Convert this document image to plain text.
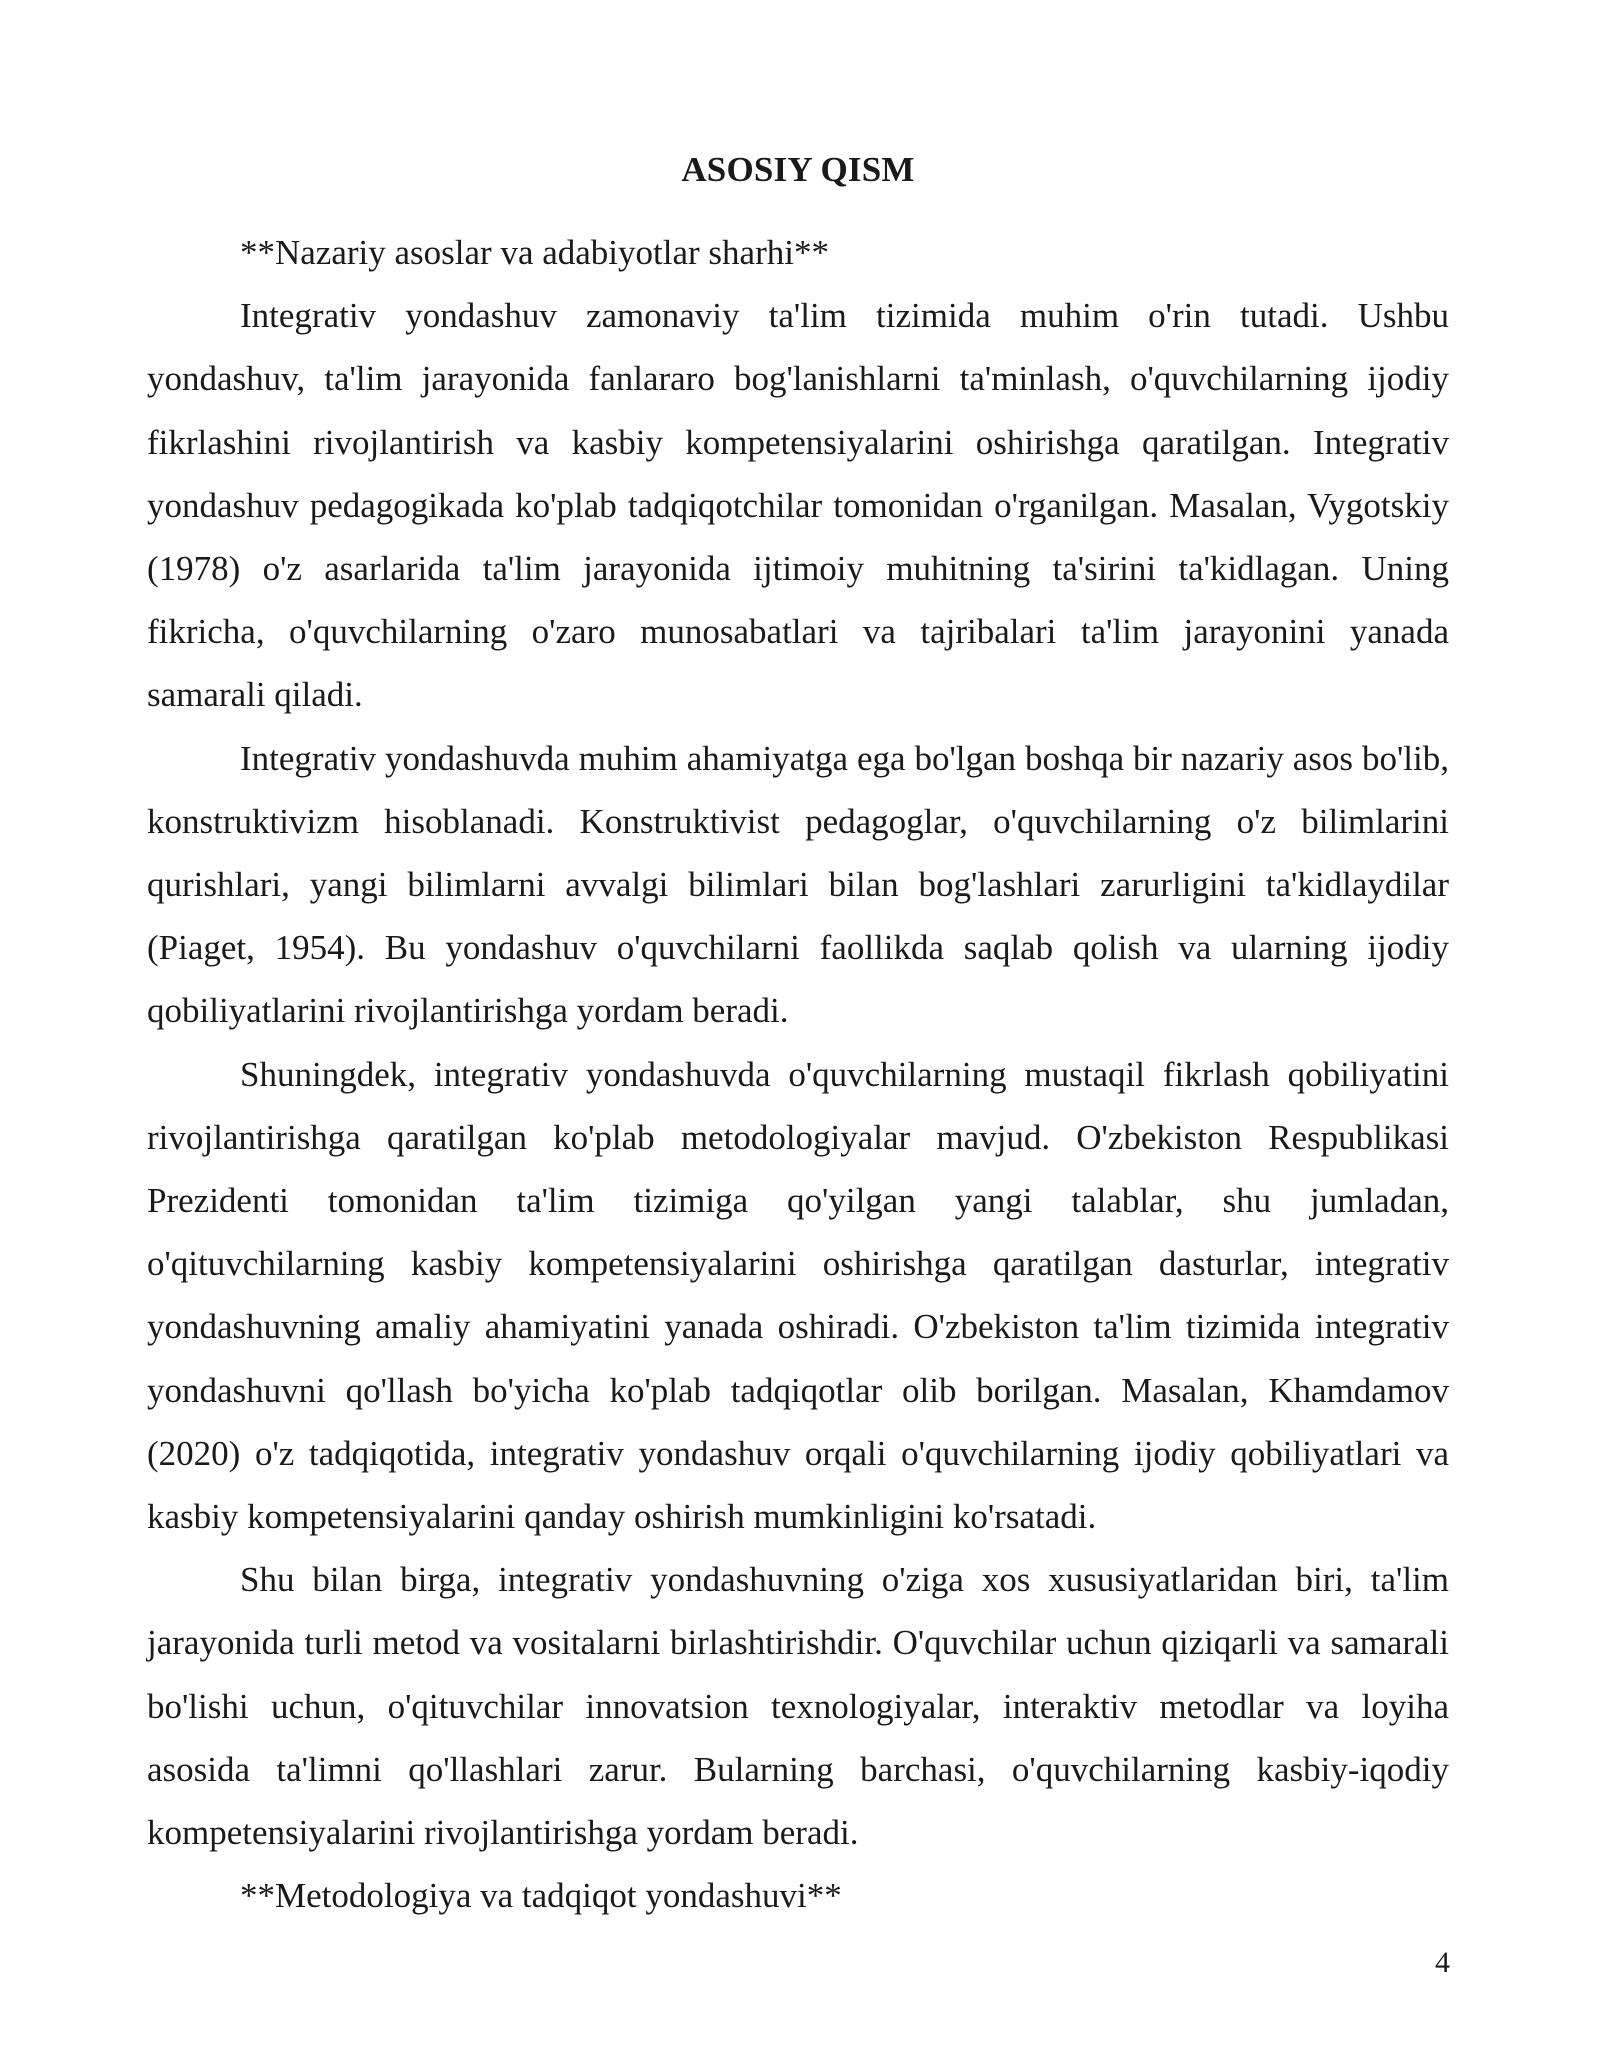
ASOSIY QISM

**Nazariy asoslar va adabiyotlar sharhi**

Integrativ yondashuv zamonaviy ta'lim tizimida muhim o'rin tutadi. Ushbu yondashuv, ta'lim jarayonida fanlararo bog'lanishlarni ta'minlash, o'quvchilarning ijodiy fikrlashini rivojlantirish va kasbiy kompetensiyalarini oshirishga qaratilgan. Integrativ yondashuv pedagogikada ko'plab tadqiqotchilar tomonidan o'rganilgan. Masalan, Vygotskiy (1978) o'z asarlarida ta'lim jarayonida ijtimoiy muhitning ta'sirini ta'kidlagan. Uning fikricha, o'quvchilarning o'zaro munosabatlari va tajribalari ta'lim jarayonini yanada samarali qiladi.

Integrativ yondashuvda muhim ahamiyatga ega bo'lgan boshqa bir nazariy asos bo'lib, konstruktivizm hisoblanadi. Konstruktivist pedagoglar, o'quvchilarning o'z bilimlarini qurishlari, yangi bilimlarni avvalgi bilimlari bilan bog'lashlari zarurligini ta'kidlaydilar (Piaget, 1954). Bu yondashuv o'quvchilarni faollikda saqlab qolish va ularning ijodiy qobiliyatlarini rivojlantirishga yordam beradi.

Shuningdek, integrativ yondashuvda o'quvchilarning mustaqil fikrlash qobiliyatini rivojlantirishga qaratilgan ko'plab metodologiyalar mavjud. O'zbekiston Respublikasi Prezidenti tomonidan ta'lim tizimiga qo'yilgan yangi talablar, shu jumladan, o'qituvchilarning kasbiy kompetensiyalarini oshirishga qaratilgan dasturlar, integrativ yondashuvning amaliy ahamiyatini yanada oshiradi. O'zbekiston ta'lim tizimida integrativ yondashuvni qo'llash bo'yicha ko'plab tadqiqotlar olib borilgan. Masalan, Khamdamov (2020) o'z tadqiqotida, integrativ yondashuv orqali o'quvchilarning ijodiy qobiliyatlari va kasbiy kompetensiyalarini qanday oshirish mumkinligini ko'rsatadi.

Shu bilan birga, integrativ yondashuvning o'ziga xos xususiyatlaridan biri, ta'lim jarayonida turli metod va vositalarni birlashtirishdir. O'quvchilar uchun qiziqarli va samarali bo'lishi uchun, o'qituvchilar innovatsion texnologiyalar, interaktiv metodlar va loyiha asosida ta'limni qo'llashlari zarur. Bularning barchasi, o'quvchilarning kasbiy-iqodiy kompetensiyalarini rivojlantirishga yordam beradi.

**Metodologiya va tadqiqot yondashuvi**

4
